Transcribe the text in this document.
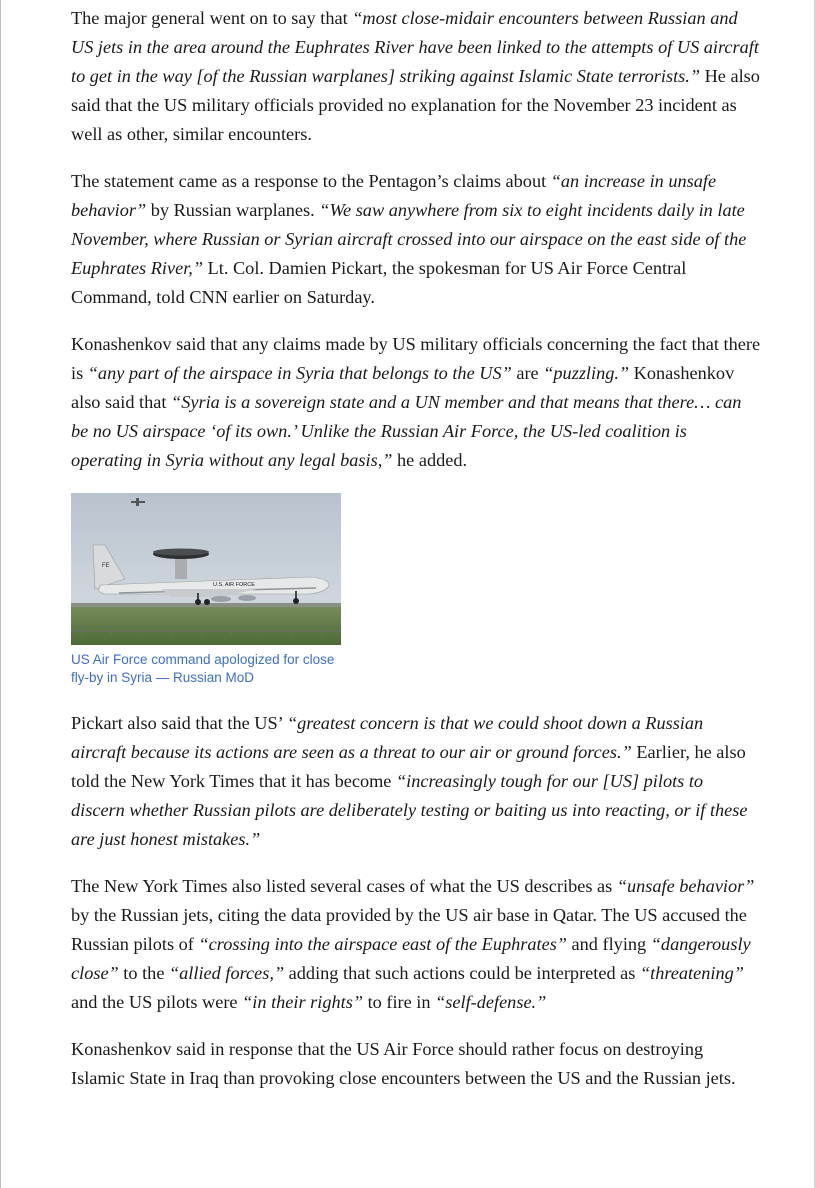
The major general went on to say that “most close-midair encounters between Russian and US jets in the area around the Euphrates River have been linked to the attempts of US aircraft to get in the way [of the Russian warplanes] striking against Islamic State terrorists.” He also said that the US military officials provided no explanation for the November 23 incident as well as other, similar encounters.

The statement came as a response to the Pentagon’s claims about “an increase in unsafe behavior” by Russian warplanes. “We saw anywhere from six to eight incidents daily in late November, where Russian or Syrian aircraft crossed into our airspace on the east side of the Euphrates River,” Lt. Col. Damien Pickart, the spokesman for US Air Force Central Command, told CNN earlier on Saturday.

Konashenkov said that any claims made by US military officials concerning the fact that there is “any part of the airspace in Syria that belongs to the US” are “puzzling.” Konashenkov also said that “Syria is a sovereign state and a UN member and that means that there… can be no US airspace ‘of its own.’ Unlike the Russian Air Force, the US-led coalition is operating in Syria without any legal basis,” he added.

U.S. AIR FORCE
FE
US Air Force command apologized for close fly-by in Syria — Russian MoD

Pickart also said that the US’ “greatest concern is that we could shoot down a Russian aircraft because its actions are seen as a threat to our air or ground forces.” Earlier, he also told the New York Times that it has become “increasingly tough for our [US] pilots to discern whether Russian pilots are deliberately testing or baiting us into reacting, or if these are just honest mistakes.”

The New York Times also listed several cases of what the US describes as “unsafe behavior” by the Russian jets, citing the data provided by the US air base in Qatar. The US accused the Russian pilots of “crossing into the airspace east of the Euphrates” and flying “dangerously close” to the “allied forces,” adding that such actions could be interpreted as “threatening” and the US pilots were “in their rights” to fire in “self-defense.”

Konashenkov said in response that the US Air Force should rather focus on destroying Islamic State in Iraq than provoking close encounters between the US and the Russian jets.
